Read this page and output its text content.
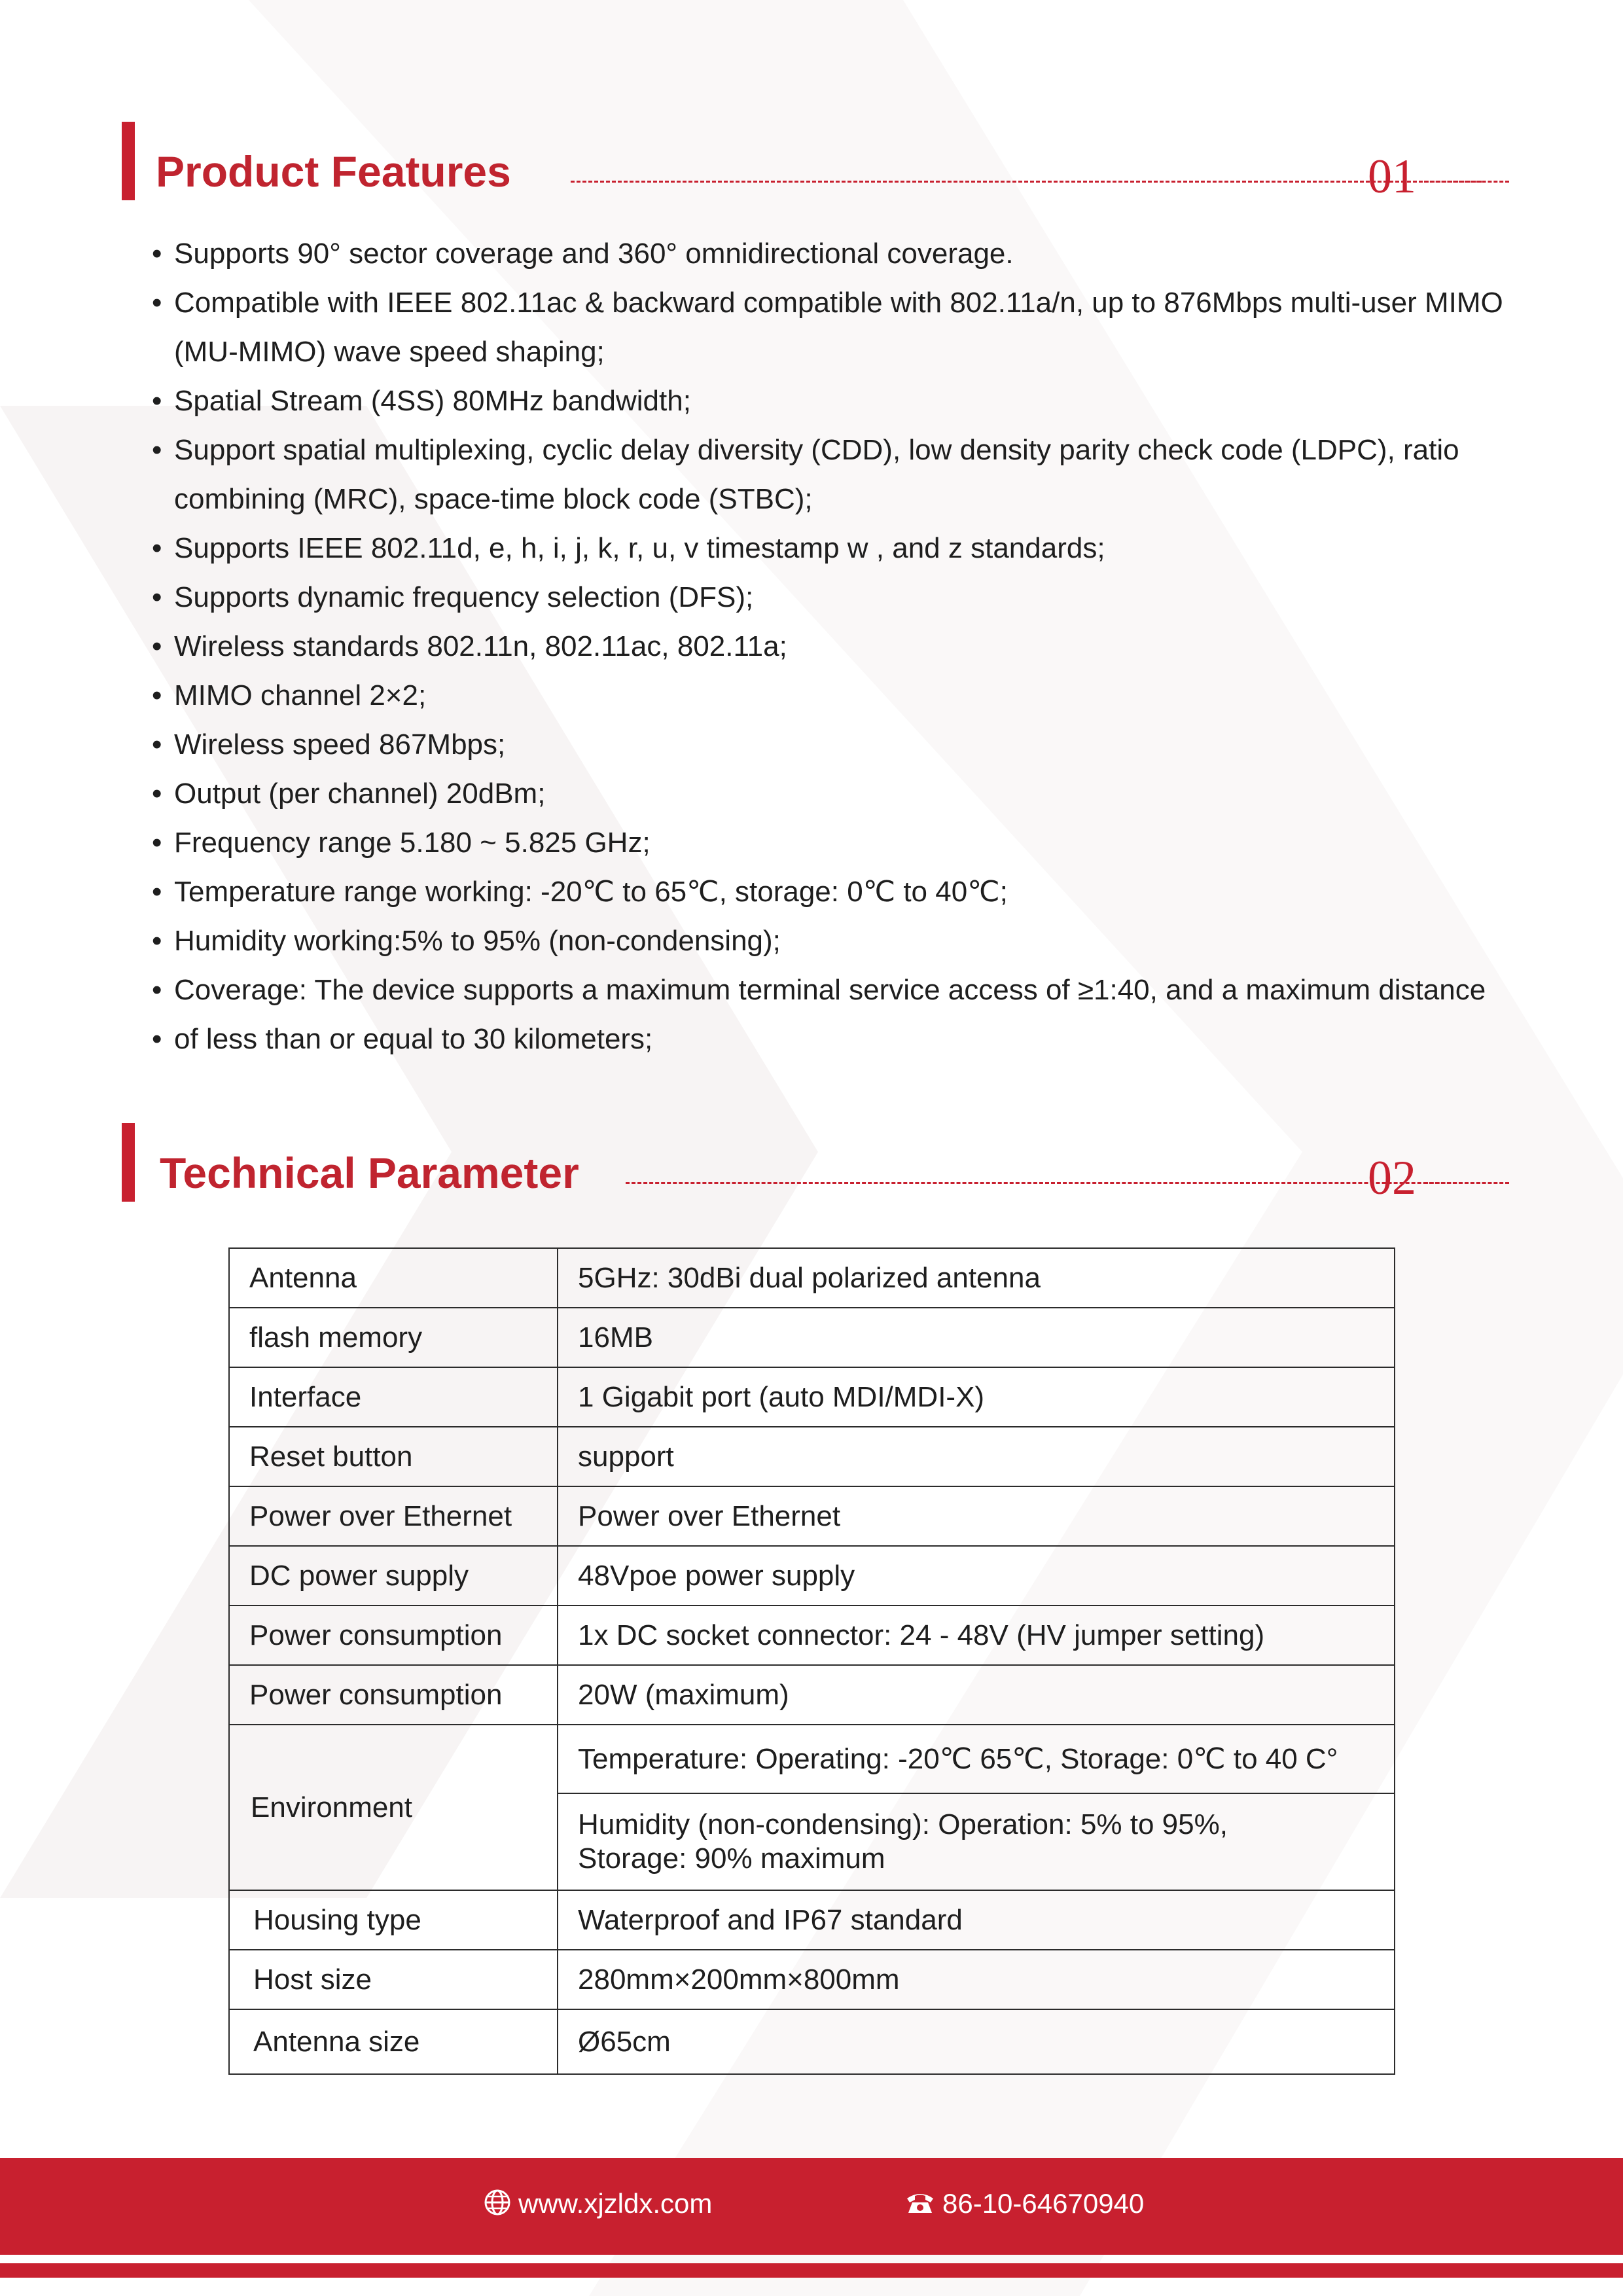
Product Features	01
• Supports 90° sector coverage and 360° omnidirectional coverage.
• Compatible with IEEE 802.11ac & backward compatible with 802.11a/n, up to 876Mbps multi-user MIMO (MU-MIMO) wave speed shaping;
• Spatial Stream (4SS) 80MHz bandwidth;
• Support spatial multiplexing, cyclic delay diversity (CDD), low density parity check code (LDPC), ratio combining (MRC), space-time block code (STBC);
• Supports IEEE 802.11d, e, h, i, j, k, r, u, v timestamp w , and z standards;
• Supports dynamic frequency selection (DFS);
• Wireless standards 802.11n, 802.11ac, 802.11a;
• MIMO channel 2×2;
• Wireless speed 867Mbps;
• Output (per channel) 20dBm;
• Frequency range 5.180 ~ 5.825 GHz;
• Temperature range working: -20℃ to 65℃, storage: 0℃ to 40℃;
• Humidity working:5% to 95% (non-condensing);
• Coverage: The device supports a maximum terminal service access of ≥1:40, and a maximum distance
• of less than or equal to 30 kilometers;
Technical Parameter	02
Antenna	5GHz: 30dBi dual polarized antenna
flash memory	16MB
Interface	1 Gigabit port (auto MDI/MDI-X)
Reset button	support
Power over Ethernet	Power over Ethernet
DC power supply	48Vpoe power supply
Power consumption	1x DC socket connector: 24 - 48V (HV jumper setting)
Power consumption	20W (maximum)
Environment	Temperature: Operating: -20℃ 65℃, Storage: 0℃ to 40 C°

	Humidity (non-condensing): Operation: 5% to 95%,
Storage: 90% maximum

Housing type	Waterproof and IP67 standard
Host size	280mm×200mm×800mm
Antenna size	Ø65cm
www.xjzldx.com	86-10-64670940
